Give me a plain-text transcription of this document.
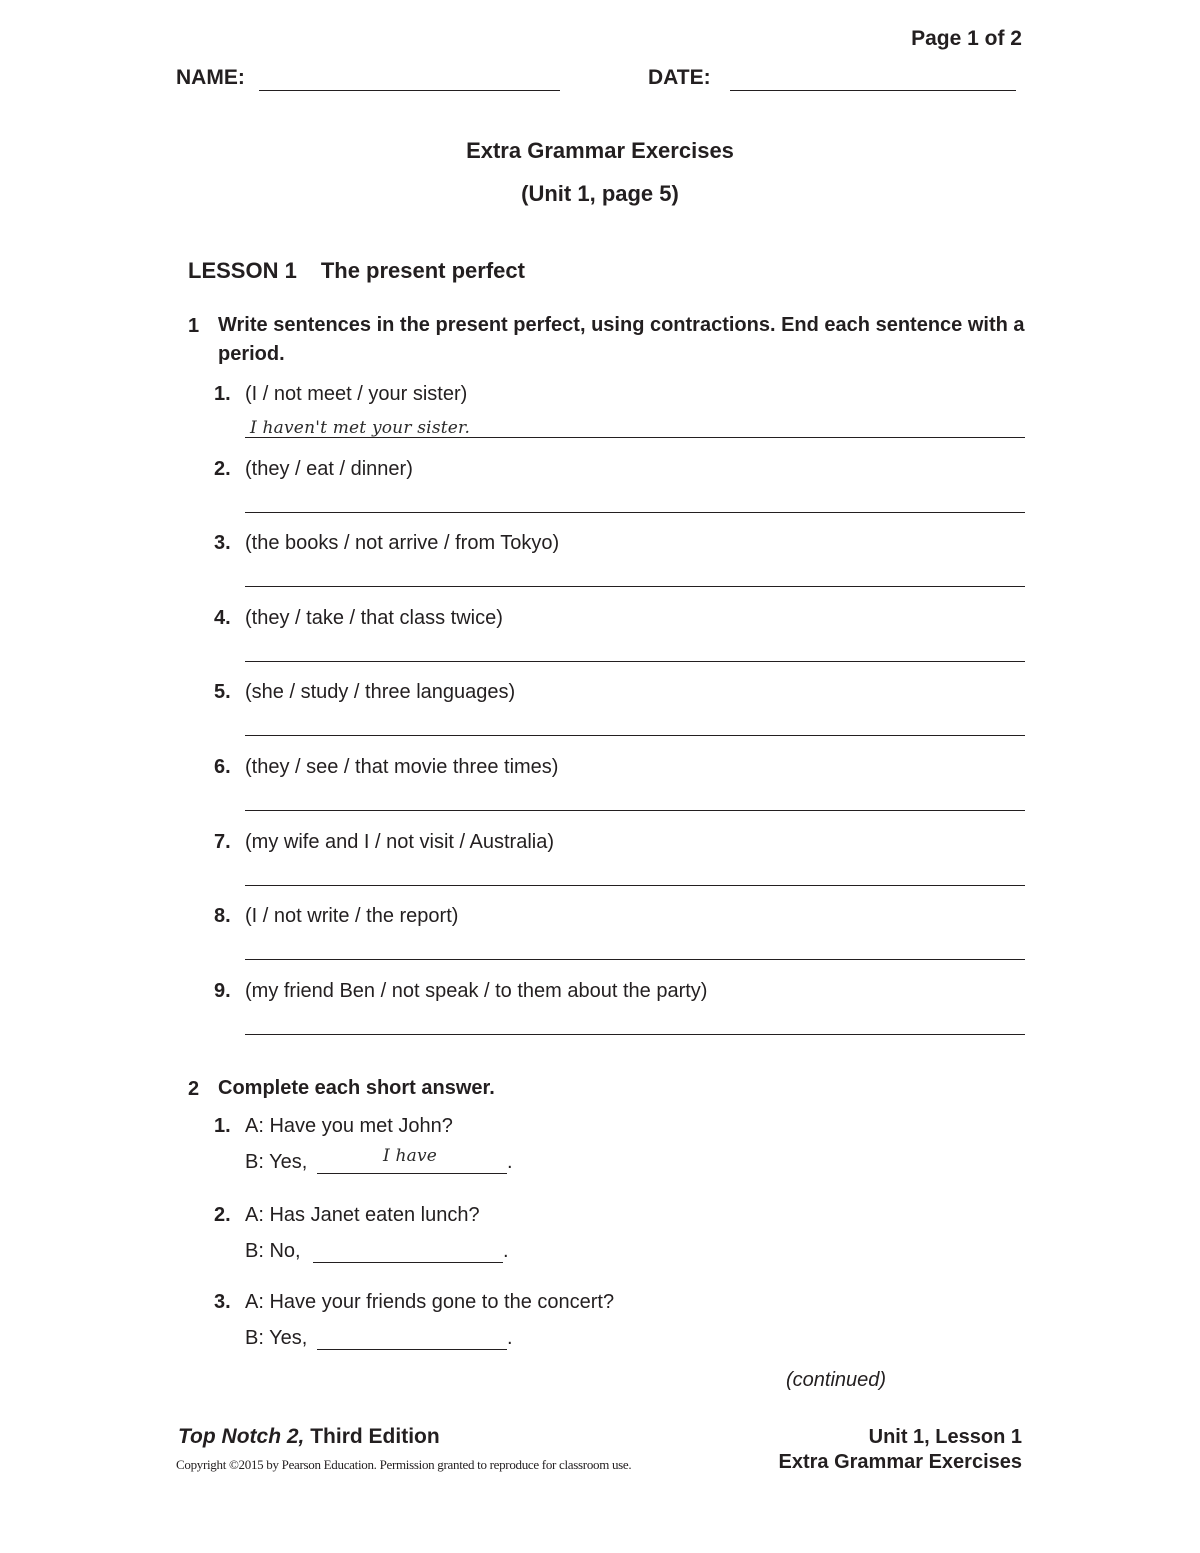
Page 1 of 2
NAME:	DATE:
Extra Grammar Exercises
(Unit 1, page 5)
LESSON 1 The present perfect
1 Write sentences in the present perfect, using contractions. End each sentence with a period.
1. (I / not meet / your sister)
I haven't met your sister.
2. (they / eat / dinner)
3. (the books / not arrive / from Tokyo)
4. (they / take / that class twice)
5. (she / study / three languages)
6. (they / see / that movie three times)
7. (my wife and I / not visit / Australia)
8. (I / not write / the report)
9. (my friend Ben / not speak / to them about the party)
2 Complete each short answer.
1. A: Have you met John?
B: Yes,	.
I have
2. A: Has Janet eaten lunch?
B: No,	.
3. A: Have your friends gone to the concert?
B: Yes,	.
(continued)
Top Notch 2, Third Edition
Copyright ©2015 by Pearson Education. Permission granted to reproduce for classroom use.
Unit 1, Lesson 1
Extra Grammar Exercises
